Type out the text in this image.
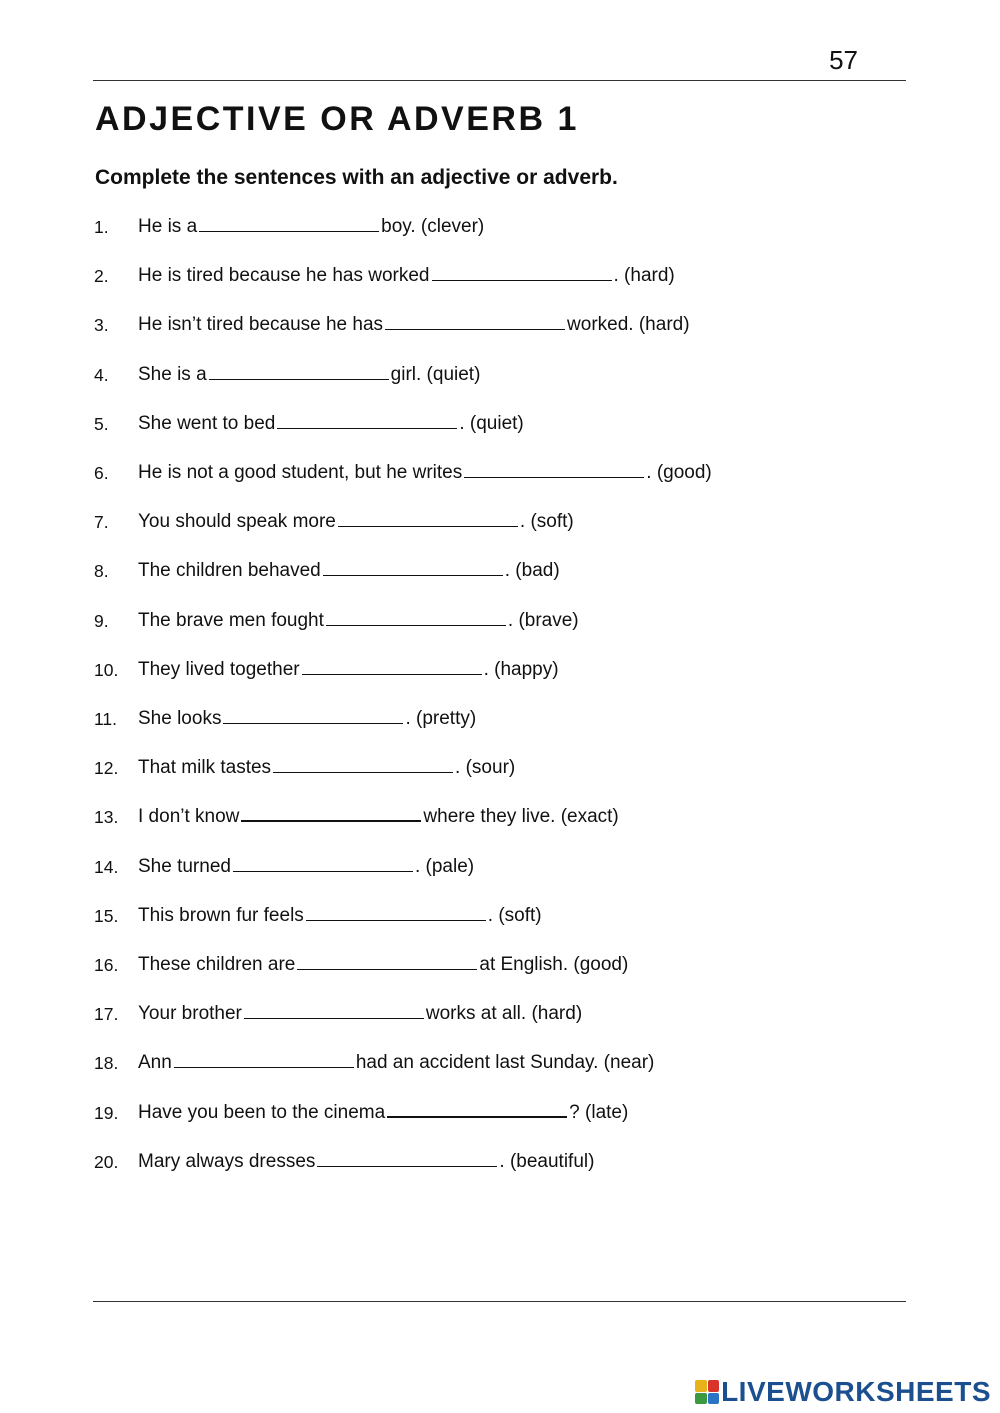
57
ADJECTIVE OR ADVERB 1

Complete the sentences with an adjective or adverb.

1.	He is a	boy. (clever)
2.	He is tired because he has worked	. (hard)
3.	He isn’t tired because he has	worked. (hard)
4.	She is a	girl. (quiet)
5.	She went to bed	. (quiet)
6.	He is not a good student, but he writes	. (good)
7.	You should speak more	. (soft)
8.	The children behaved	. (bad)
9.	The brave men fought	. (brave)
10.	They lived together	. (happy)
11.	She looks	. (pretty)
12.	That milk tastes	. (sour)
13.	I don’t know	where they live. (exact)
14.	She turned	. (pale)
15.	This brown fur feels	. (soft)
16.	These children are	at English. (good)
17.	Your brother	works at all. (hard)
18.	Ann	had an accident last Sunday. (near)
19.	Have you been to the cinema	? (late)
20.	Mary always dresses	. (beautiful)
LIVEWORKSHEETS
